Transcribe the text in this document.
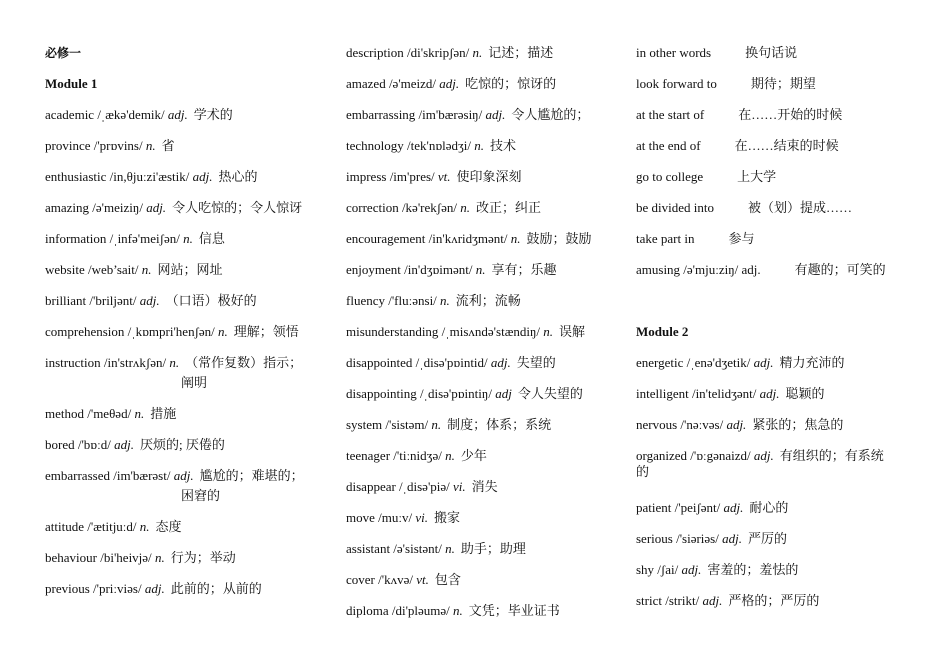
必修一
Module 1
academic /ˌækə'demik/ adj. 学术的
province /'prɒvins/ n. 省
enthusiastic /in,θjuːzi'æstik/ adj. 热心的
amazing /ə'meiziŋ/ adj. 令人吃惊的；令人惊讶
information /ˌinfə'meiʃən/ n. 信息
website /web’sait/ n. 网站；网址
brilliant /'briljənt/ adj. （口语）极好的
comprehension /ˌkɒmpri'henʃən/ n. 理解；领悟
instruction /in'strʌkʃən/ n. （常作复数）指示；
阐明
method /'meθəd/ n. 措施
bored /'bɒːd/ adj. 厌烦的; 厌倦的
embarrassed /im'bærəst/ adj. 尴尬的；难堪的；
困窘的
attitude /'ætitjuːd/ n. 态度
behaviour /bi'heivjə/ n. 行为；举动
previous /'priːviəs/ adj. 此前的；从前的
description /di'skripʃən/ n. 记述；描述
amazed /ə'meizd/ adj. 吃惊的；惊讶的
embarrassing /im'bærəsiŋ/ adj. 令人尴尬的；
technology /tek'nɒlədʒi/ n. 技术
impress /im'pres/ vt. 使印象深刻
correction /kə'rekʃən/ n. 改正；纠正
encouragement /in'kʌridʒmənt/ n. 鼓励；鼓励
enjoyment /in'dʒɒimənt/ n. 享有；乐趣
fluency /'fluːənsi/ n. 流利；流畅
misunderstanding /ˌmisʌndə'stændiŋ/ n. 误解
disappointed /ˌdisə'pɒintid/ adj. 失望的
disappointing /ˌdisə'pɒintiŋ/ adj 令人失望的
system /'sistəm/ n. 制度；体系；系统
teenager /'tiːnidʒə/ n. 少年
disappear /ˌdisə'piə/ vi. 消失
move /muːv/ vi. 搬家
assistant /ə'sistənt/ n. 助手；助理
cover /'kʌvə/ vt. 包含
diploma /di'pləumə/ n. 文凭；毕业证书
in other words	换句话说
look forward to	期待；期望
at the start of	在……开始的时候
at the end of	在……结束的时候
go to college	上大学
be divided into	被（划）提成……
take part in	参与
amusing /ə'mjuːziŋ/ adj.	有趣的；可笑的
Module 2
energetic /ˌenə'dʒetik/ adj. 精力充沛的
intelligent /in'telidʒənt/ adj. 聪颖的
nervous /'nəːvəs/ adj. 紧张的；焦急的
organized /'ɒːgənaizd/ adj. 有组织的；有系统的
patient /'peiʃənt/ adj. 耐心的
serious /'siəriəs/ adj. 严厉的
shy /ʃai/ adj. 害羞的；羞怯的
strict /strikt/ adj. 严格的；严厉的
